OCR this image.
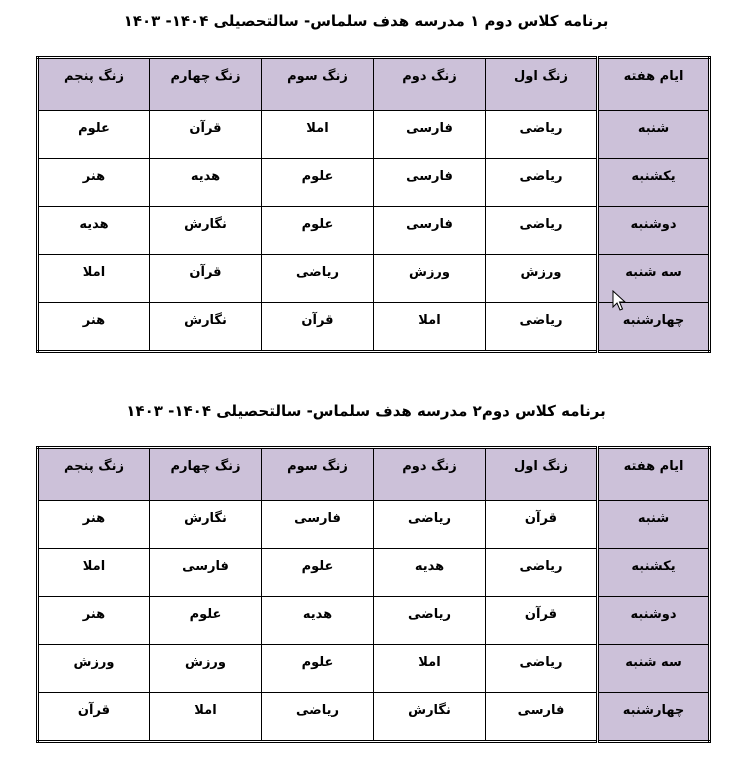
برنامه کلاس دوم ۱ مدرسه هدف سلماس- سالتحصیلی ۱۴۰۴- ۱۴۰۳
ایام هفته	زنگ اول	زنگ دوم	زنگ سوم	زنگ چهارم	زنگ پنجم
شنبه	ریاضی	فارسی	املا	قرآن	علوم
یکشنبه	ریاضی	فارسی	علوم	هدیه	هنر
دوشنبه	ریاضی	فارسی	علوم	نگارش	هدیه
سه شنبه	ورزش	ورزش	ریاضی	قرآن	املا
چهارشنبه	ریاضی	املا	قرآن	نگارش	هنر
برنامه کلاس دوم۲ مدرسه هدف سلماس- سالتحصیلی ۱۴۰۴- ۱۴۰۳
ایام هفته	زنگ اول	زنگ دوم	زنگ سوم	زنگ چهارم	زنگ پنجم
شنبه	قرآن	ریاضی	فارسی	نگارش	هنر
یکشنبه	ریاضی	هدیه	علوم	فارسی	املا
دوشنبه	قرآن	ریاضی	هدیه	علوم	هنر
سه شنبه	ریاضی	املا	علوم	ورزش	ورزش
چهارشنبه	فارسی	نگارش	ریاضی	املا	قرآن
